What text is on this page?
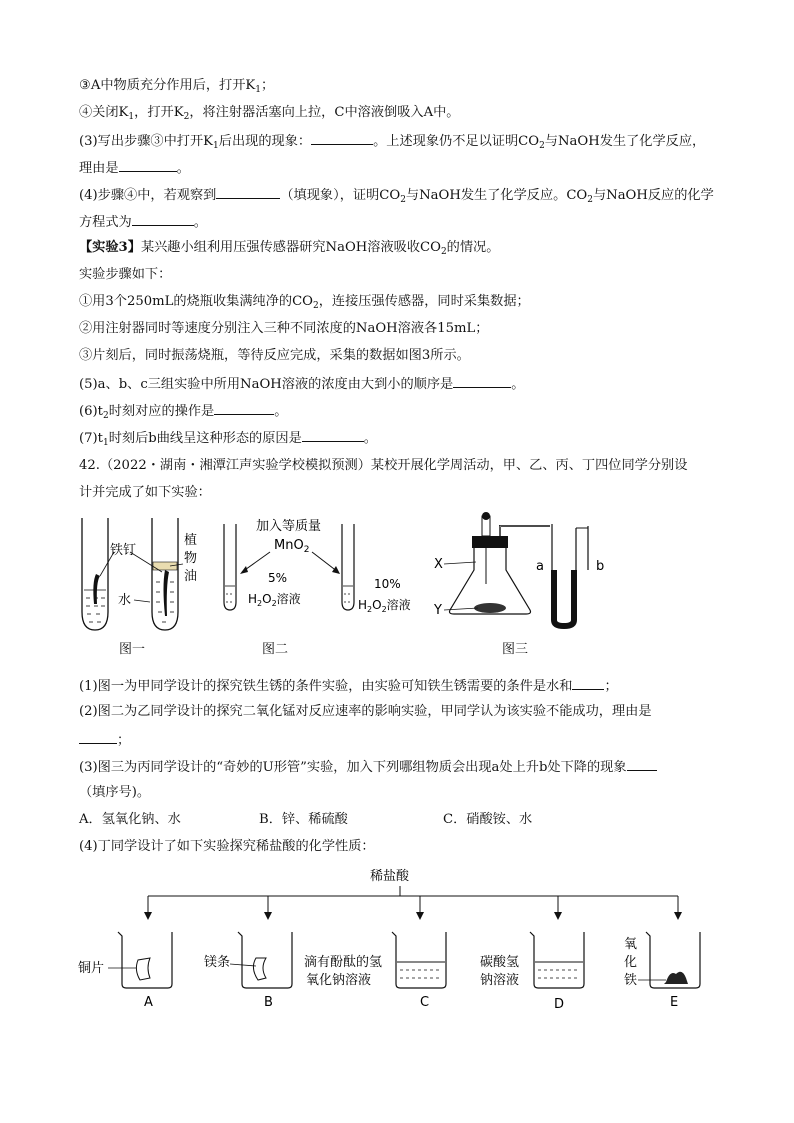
③A中物质充分作用后，打开$K_1$；
④关闭$K_1$，打开$K_2$，将注射器活塞向上拉，C中溶液倒吸入A中。
(3)写出步骤③中打开$K_1$后出现的现象：	。上述现象仍不足以证明$CO_2$与NaOH发生了化学反应，
理由是	。
(4)步骤④中，若观察到	（填现象），证明$CO_2$与NaOH发生了化学反应。$CO_2$与NaOH反应的化学
方程式为	。
【实验3】某兴趣小组利用压强传感器研究NaOH溶液吸收$CO_2$的情况。
实验步骤如下：
①用3个250mL的烧瓶收集满纯净的$CO_2$，连接压强传感器，同时采集数据；
②用注射器同时等速度分别注入三种不同浓度的NaOH溶液各15mL；
③片刻后，同时振荡烧瓶，等待反应完成，采集的数据如图3所示。
(5)a、b、c三组实验中所用NaOH溶液的浓度由大到小的顺序是	。
$(6)t_2$时刻对应的操作是	。
$(7)t_1$时刻后b曲线呈这种形态的原因是	。
42.（2022・湖南・湘潭江声实验学校模拟预测）某校开展化学周活动，甲、乙、丙、丁四位同学分别设
计并完成了如下实验：
铁钉
植
物
油
水
图一
加入等质量
MnO$_2$
5%
$H_2O_2$溶液
10%
$H_2O_2$溶液
图二
X
Y
a	b
图三
(1)图一为甲同学设计的探究铁生锈的条件实验，由实验可知铁生锈需要的条件是水和 ；
(2)图二为乙同学设计的探究二氧化锰对反应速率的影响实验，甲同学认为该实验不能成功，理由是
；
(3)图三为丙同学设计的“奇妙的U形管”实验，加入下列哪组物质会出现a处上升b处下降的现象
（填序号)。
A．氢氧化钠、水	B．锌、稀硫酸	C．硝酸铵、水
(4)丁同学设计了如下实验探究稀盐酸的化学性质：
稀盐酸
铜片
A
镁条
B
滴有酚酞的氢
氧化钠溶液
C
碳酸氢
钠溶液
D
氧
化
铁
E
